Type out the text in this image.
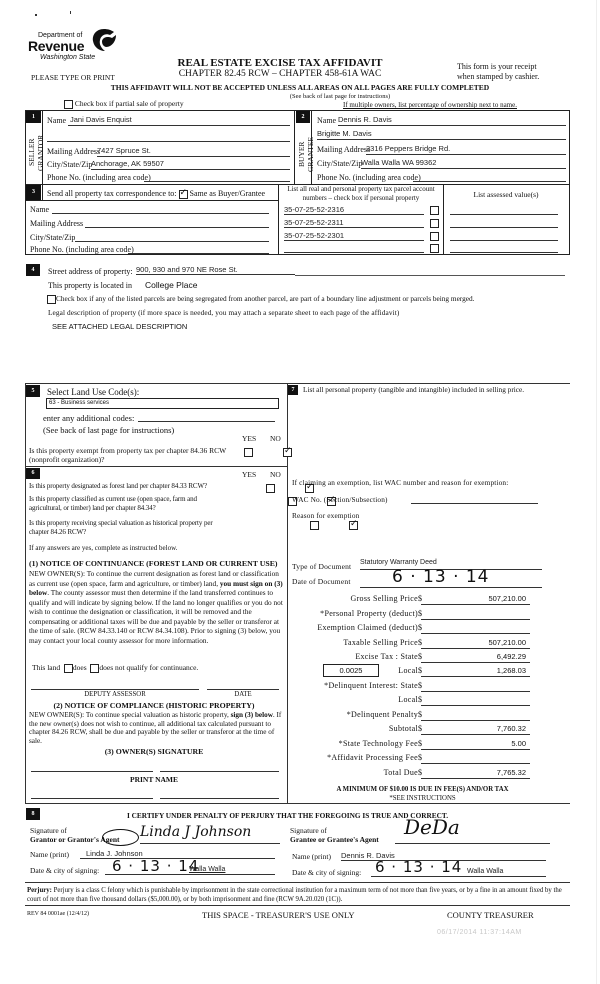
Department of
Revenue
Washington State	REAL ESTATE EXCISE TAX AFFIDAVIT
CHAPTER 82.45 RCW – CHAPTER 458-61A WAC
PLEASE TYPE OR PRINT
This form is your receipt
when stamped by cashier.
THIS AFFIDAVIT WILL NOT BE ACCEPTED UNLESS ALL AREAS ON ALL PAGES ARE FULLY COMPLETED
(See back of last page for instructions)
Check box if partial sale of property	If multiple owners, list percentage of ownership next to name.
1
SELLER GRANTOR
Name Jani Davis Enquist
Mailing Address
7427 Spruce St.
City/State/Zip
Anchorage, AK 59507
Phone No. (including area code)
2
BUYER GRANTEE
Name Dennis R. Davis
Brigitte M. Davis
Mailing Address
3316 Peppers Bridge Rd.
City/State/Zip
Walla Walla WA 99362
Phone No. (including area code)
3	Send all property tax correspondence to: ✓ Same as Buyer/Grantee
Name
Mailing Address
City/State/Zip
Phone No. (including area code)
List all real and personal property tax parcel account numbers – check box if personal property	List assessed value(s)
35-07-25-52-2316
35-07-25-52-2311
35-07-25-52-2301
4	Street address of property: 900, 930 and 970 NE Rose St.
This property is located in College Place
Check box if any of the listed parcels are being segregated from another parcel, are part of a boundary line adjustment or parcels being merged.
Legal description of property (if more space is needed, you may attach a separate sheet to each page of the affidavit)
SEE ATTACHED LEGAL DESCRIPTION
5	Select Land Use Code(s):
63 - Business services
enter any additional codes:
(See back of last page for instructions)
YES NO
Is this property exempt from property tax per chapter 84.36 RCW (nonprofit organization)?
✓
6	YES NO
Is this property designated as forest land per chapter 84.33 RCW?
✓
Is this property classified as current use (open space, farm and agricultural, or timber) land per chapter 84.34?
✓
Is this property receiving special valuation as historical property per chapter 84.26 RCW?
✓
If any answers are yes, complete as instructed below.
(1) NOTICE OF CONTINUANCE (FOREST LAND OR CURRENT USE)
NEW OWNER(S): To continue the current designation as forest land or classification as current use (open space, farm and agriculture, or timber) land, you must sign on (3) below. The county assessor must then determine if the land transferred continues to qualify and will indicate by signing below. If the land no longer qualifies or you do not wish to continue the designation or classification, it will be removed and the compensating or additional taxes will be due and payable by the seller or transferor at the time of sale. (RCW 84.33.140 or RCW 84.34.108). Prior to signing (3) below, you may contact your local county assessor for more information.
This land does does not qualify for continuance.
DEPUTY ASSESSOR	DATE
(2) NOTICE OF COMPLIANCE (HISTORIC PROPERTY)
NEW OWNER(S): To continue special valuation as historic property, sign (3) below. If the new owner(s) does not wish to continue, all additional tax calculated pursuant to chapter 84.26 RCW, shall be due and payable by the seller or transferor at the time of sale.
(3) OWNER(S) SIGNATURE
PRINT NAME
7	List all personal property (tangible and intangible) included in selling price.
If claiming an exemption, list WAC number and reason for exemption:
WAC No. (Section/Subsection)
Reason for exemption
Type of Document Statutory Warranty Deed
Date of Document 6 · 13 · 14
Gross Selling Price $	507,210.00
*Personal Property (deduct) $
Exemption Claimed (deduct) $
Taxable Selling Price $	507,210.00
Excise Tax : State $	6,492.29
0.0025	Local $	1,268.03
*Delinquent Interest: State $
Local $
*Delinquent Penalty $
Subtotal $	7,760.32
*State Technology Fee $	5.00
*Affidavit Processing Fee $
Total Due $	7,765.32
A MINIMUM OF $10.00 IS DUE IN FEE(S) AND/OR TAX
*SEE INSTRUCTIONS
8	I CERTIFY UNDER PENALTY OF PERJURY THAT THE FOREGOING IS TRUE AND CORRECT.
Signature of
Grantor or Grantor's Agent Linda J Johnson
Name (print)	Linda J. Johnson
Date & city of signing: 6 · 13 · 14
Walla Walla
Signature of
Grantee or Grantee's Agent
DeDa
Name (print) Dennis R. Davis
Date & city of signing: 6 · 13 · 14 Walla Walla
Perjury: Perjury is a class C felony which is punishable by imprisonment in the state correctional institution for a maximum term of not more than five years, or by a fine in an amount fixed by the court of not more than five thousand dollars ($5,000.00), or by both imprisonment and fine (RCW 9A.20.020 (1C)).
REV 84 0001ae (12/4/12)	THIS SPACE - TREASURER'S USE ONLY	COUNTY TREASURER
06/17/2014 11:37:14AM
